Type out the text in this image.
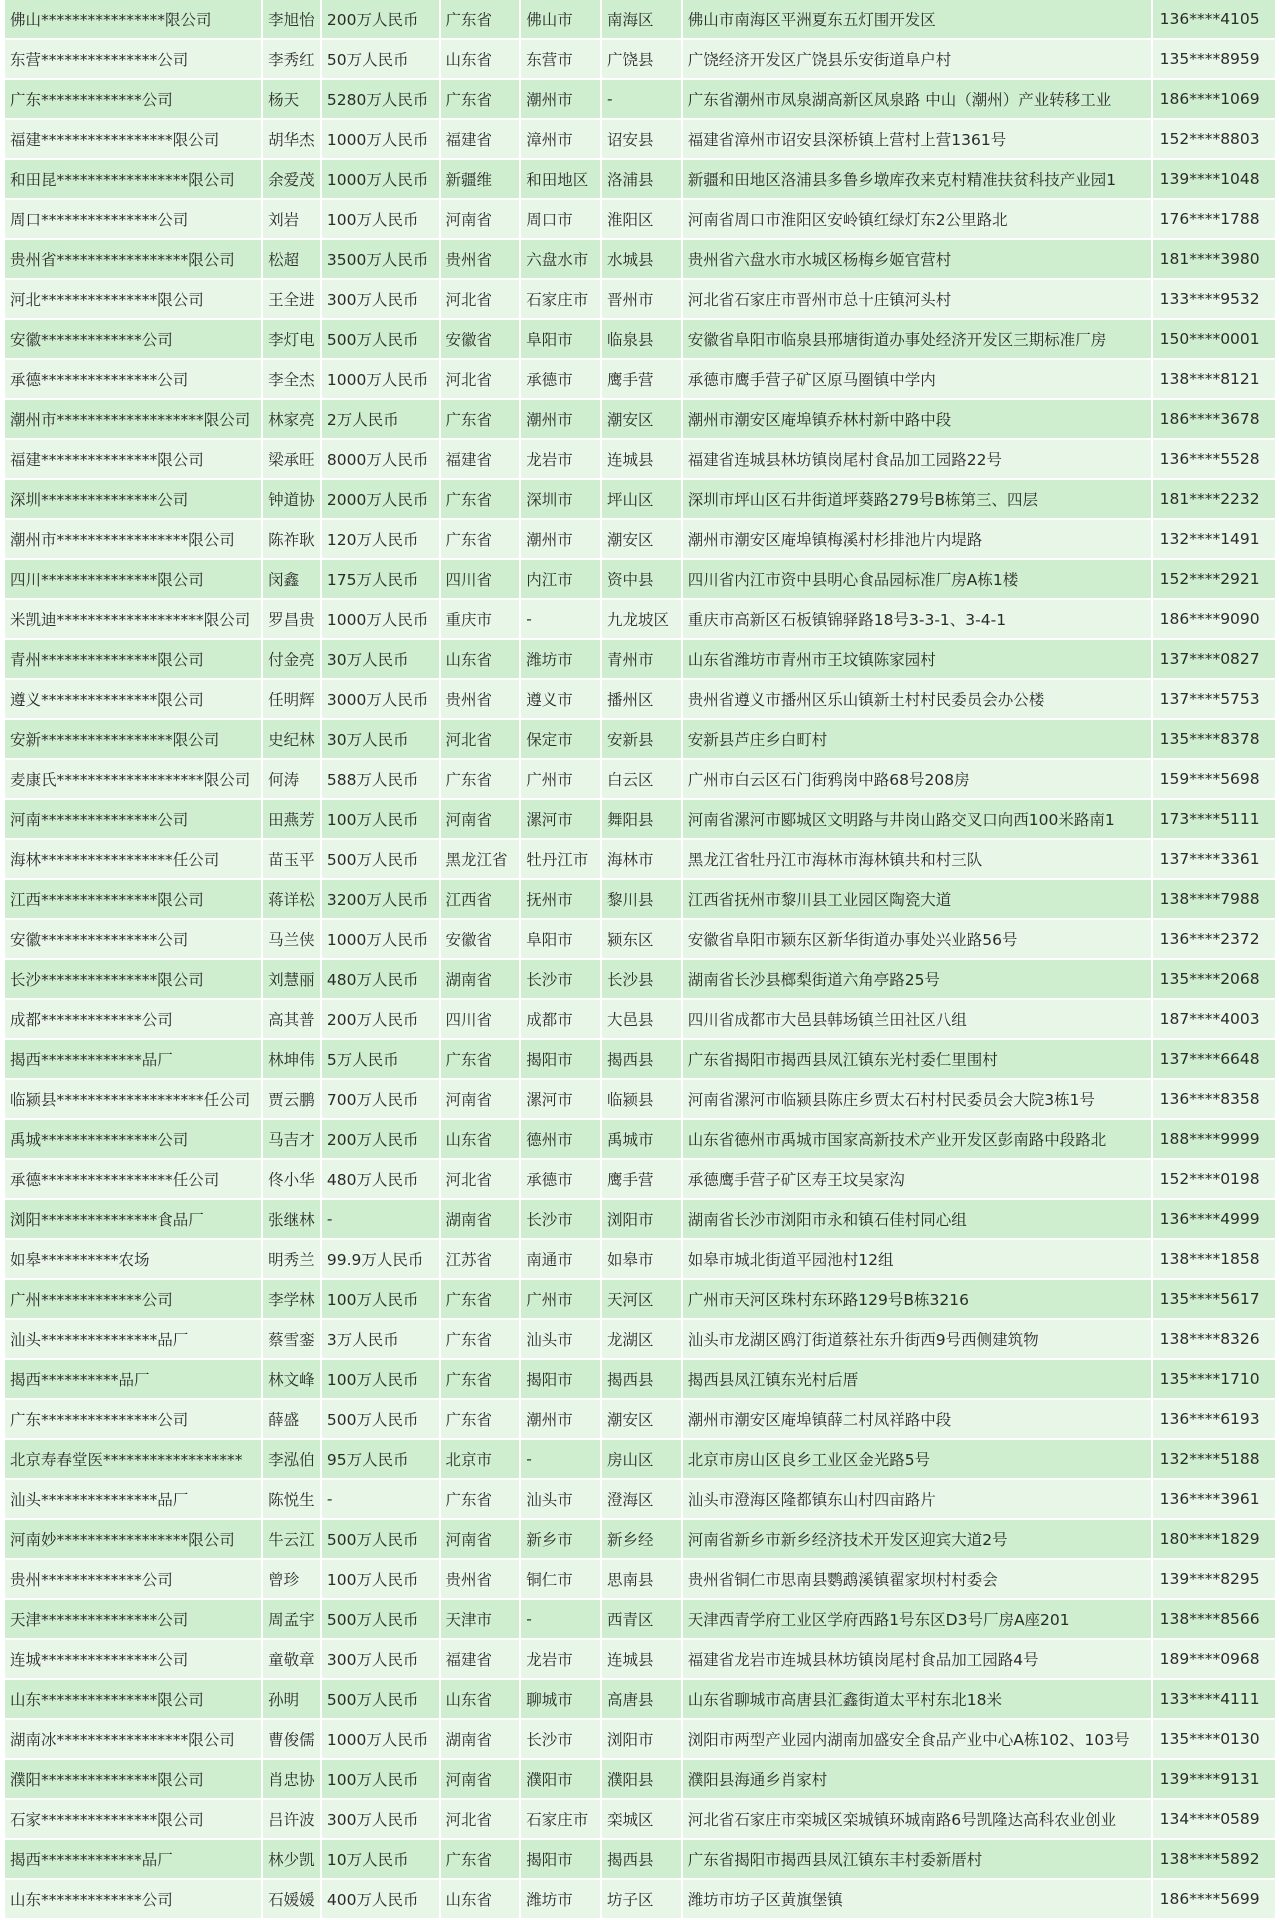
佛山****************限公司	李旭怡	200万人民币	广东省	佛山市	南海区	佛山市南海区平洲夏东五灯围开发区	136****4105
东营***************公司	李秀红	50万人民币	山东省	东营市	广饶县	广饶经济开发区广饶县乐安街道阜户村	135****8959
广东*************公司	杨天	5280万人民币	广东省	潮州市	-	广东省潮州市凤泉湖高新区凤泉路 中山（潮州）产业转移工业	186****1069
福建*****************限公司	胡华杰	1000万人民币	福建省	漳州市	诏安县	福建省漳州市诏安县深桥镇上营村上营1361号	152****8803
和田昆*****************限公司	余爱茂	1000万人民币	新疆维	和田地区	洛浦县	新疆和田地区洛浦县多鲁乡墩库孜来克村精准扶贫科技产业园1	139****1048
周口***************公司	刘岩	100万人民币	河南省	周口市	淮阳区	河南省周口市淮阳区安岭镇红绿灯东2公里路北	176****1788
贵州省*****************限公司	松超	3500万人民币	贵州省	六盘水市	水城县	贵州省六盘水市水城区杨梅乡姬官营村	181****3980
河北***************限公司	王全进	300万人民币	河北省	石家庄市	晋州市	河北省石家庄市晋州市总十庄镇河头村	133****9532
安徽*************公司	李灯电	500万人民币	安徽省	阜阳市	临泉县	安徽省阜阳市临泉县邢塘街道办事处经济开发区三期标准厂房	150****0001
承德***************公司	李全杰	1000万人民币	河北省	承德市	鹰手营	承德市鹰手营子矿区原马圈镇中学内	138****8121
潮州市*******************限公司	林家亮	2万人民币	广东省	潮州市	潮安区	潮州市潮安区庵埠镇乔林村新中路中段	186****3678
福建***************限公司	梁承旺	8000万人民币	福建省	龙岩市	连城县	福建省连城县林坊镇岗尾村食品加工园路22号	136****5528
深圳***************公司	钟道协	2000万人民币	广东省	深圳市	坪山区	深圳市坪山区石井街道坪葵路279号B栋第三、四层	181****2232
潮州市*****************限公司	陈祚耿	120万人民币	广东省	潮州市	潮安区	潮州市潮安区庵埠镇梅溪村杉排池片内堤路	132****1491
四川***************限公司	闵鑫	175万人民币	四川省	内江市	资中县	四川省内江市资中县明心食品园标准厂房A栋1楼	152****2921
米凯迪*******************限公司	罗昌贵	1000万人民币	重庆市	-	九龙坡区	重庆市高新区石板镇锦驿路18号3-3-1、3-4-1	186****9090
青州***************限公司	付金亮	30万人民币	山东省	潍坊市	青州市	山东省潍坊市青州市王坟镇陈家园村	137****0827
遵义***************限公司	任明辉	3000万人民币	贵州省	遵义市	播州区	贵州省遵义市播州区乐山镇新土村村民委员会办公楼	137****5753
安新*****************限公司	史纪林	30万人民币	河北省	保定市	安新县	安新县芦庄乡白町村	135****8378
麦康氏*******************限公司	何涛	588万人民币	广东省	广州市	白云区	广州市白云区石门街鸦岗中路68号208房	159****5698
河南***************公司	田燕芳	100万人民币	河南省	漯河市	舞阳县	河南省漯河市郾城区文明路与井岗山路交叉口向西100米路南1	173****5111
海林*****************任公司	苗玉平	500万人民币	黑龙江省	牡丹江市	海林市	黑龙江省牡丹江市海林市海林镇共和村三队	137****3361
江西***************限公司	蒋详松	3200万人民币	江西省	抚州市	黎川县	江西省抚州市黎川县工业园区陶瓷大道	138****7988
安徽***************公司	马兰侠	1000万人民币	安徽省	阜阳市	颍东区	安徽省阜阳市颍东区新华街道办事处兴业路56号	136****2372
长沙***************限公司	刘慧丽	480万人民币	湖南省	长沙市	长沙县	湖南省长沙县榔梨街道六角亭路25号	135****2068
成都*************公司	高其普	200万人民币	四川省	成都市	大邑县	四川省成都市大邑县韩场镇兰田社区八组	187****4003
揭西*************品厂	林坤伟	5万人民币	广东省	揭阳市	揭西县	广东省揭阳市揭西县凤江镇东光村委仁里围村	137****6648
临颍县*******************任公司	贾云鹏	700万人民币	河南省	漯河市	临颍县	河南省漯河市临颍县陈庄乡贾太石村村民委员会大院3栋1号	136****8358
禹城***************公司	马吉才	200万人民币	山东省	德州市	禹城市	山东省德州市禹城市国家高新技术产业开发区彭南路中段路北	188****9999
承德*****************任公司	佟小华	480万人民币	河北省	承德市	鹰手营	承德鹰手营子矿区寿王坟吴家沟	152****0198
浏阳***************食品厂	张继林	-	湖南省	长沙市	浏阳市	湖南省长沙市浏阳市永和镇石佳村同心组	136****4999
如皋**********农场	明秀兰	99.9万人民币	江苏省	南通市	如皋市	如皋市城北街道平园池村12组	138****1858
广州*************公司	李学林	100万人民币	广东省	广州市	天河区	广州市天河区珠村东环路129号B栋3216	135****5617
汕头***************品厂	蔡雪銮	3万人民币	广东省	汕头市	龙湖区	汕头市龙湖区鸥汀街道蔡社东升街西9号西侧建筑物	138****8326
揭西**********品厂	林文峰	100万人民币	广东省	揭阳市	揭西县	揭西县凤江镇东光村后厝	135****1710
广东***************公司	薛盛	500万人民币	广东省	潮州市	潮安区	潮州市潮安区庵埠镇薛二村凤祥路中段	136****6193
北京寿春堂医******************	李泓伯	95万人民币	北京市	-	房山区	北京市房山区良乡工业区金光路5号	132****5188
汕头***************品厂	陈悦生	-	广东省	汕头市	澄海区	汕头市澄海区隆都镇东山村四亩路片	136****3961
河南妙*****************限公司	牛云江	500万人民币	河南省	新乡市	新乡经	河南省新乡市新乡经济技术开发区迎宾大道2号	180****1829
贵州*************公司	曾珍	100万人民币	贵州省	铜仁市	思南县	贵州省铜仁市思南县鹦鹉溪镇翟家坝村村委会	139****8295
天津***************公司	周孟宇	500万人民币	天津市	-	西青区	天津西青学府工业区学府西路1号东区D3号厂房A座201	138****8566
连城***************公司	童敬章	300万人民币	福建省	龙岩市	连城县	福建省龙岩市连城县林坊镇岗尾村食品加工园路4号	189****0968
山东***************限公司	孙明	500万人民币	山东省	聊城市	高唐县	山东省聊城市高唐县汇鑫街道太平村东北18米	133****4111
湖南冰*****************限公司	曹俊儒	1000万人民币	湖南省	长沙市	浏阳市	浏阳市两型产业园内湖南加盛安全食品产业中心A栋102、103号	135****0130
濮阳***************限公司	肖忠协	100万人民币	河南省	濮阳市	濮阳县	濮阳县海通乡肖家村	139****9131
石家***************限公司	吕许波	300万人民币	河北省	石家庄市	栾城区	河北省石家庄市栾城区栾城镇环城南路6号凯隆达高科农业创业	134****0589
揭西*************品厂	林少凯	10万人民币	广东省	揭阳市	揭西县	广东省揭阳市揭西县凤江镇东丰村委新厝村	138****5892
山东*************公司	石媛媛	400万人民币	山东省	潍坊市	坊子区	潍坊市坊子区黄旗堡镇	186****5699
